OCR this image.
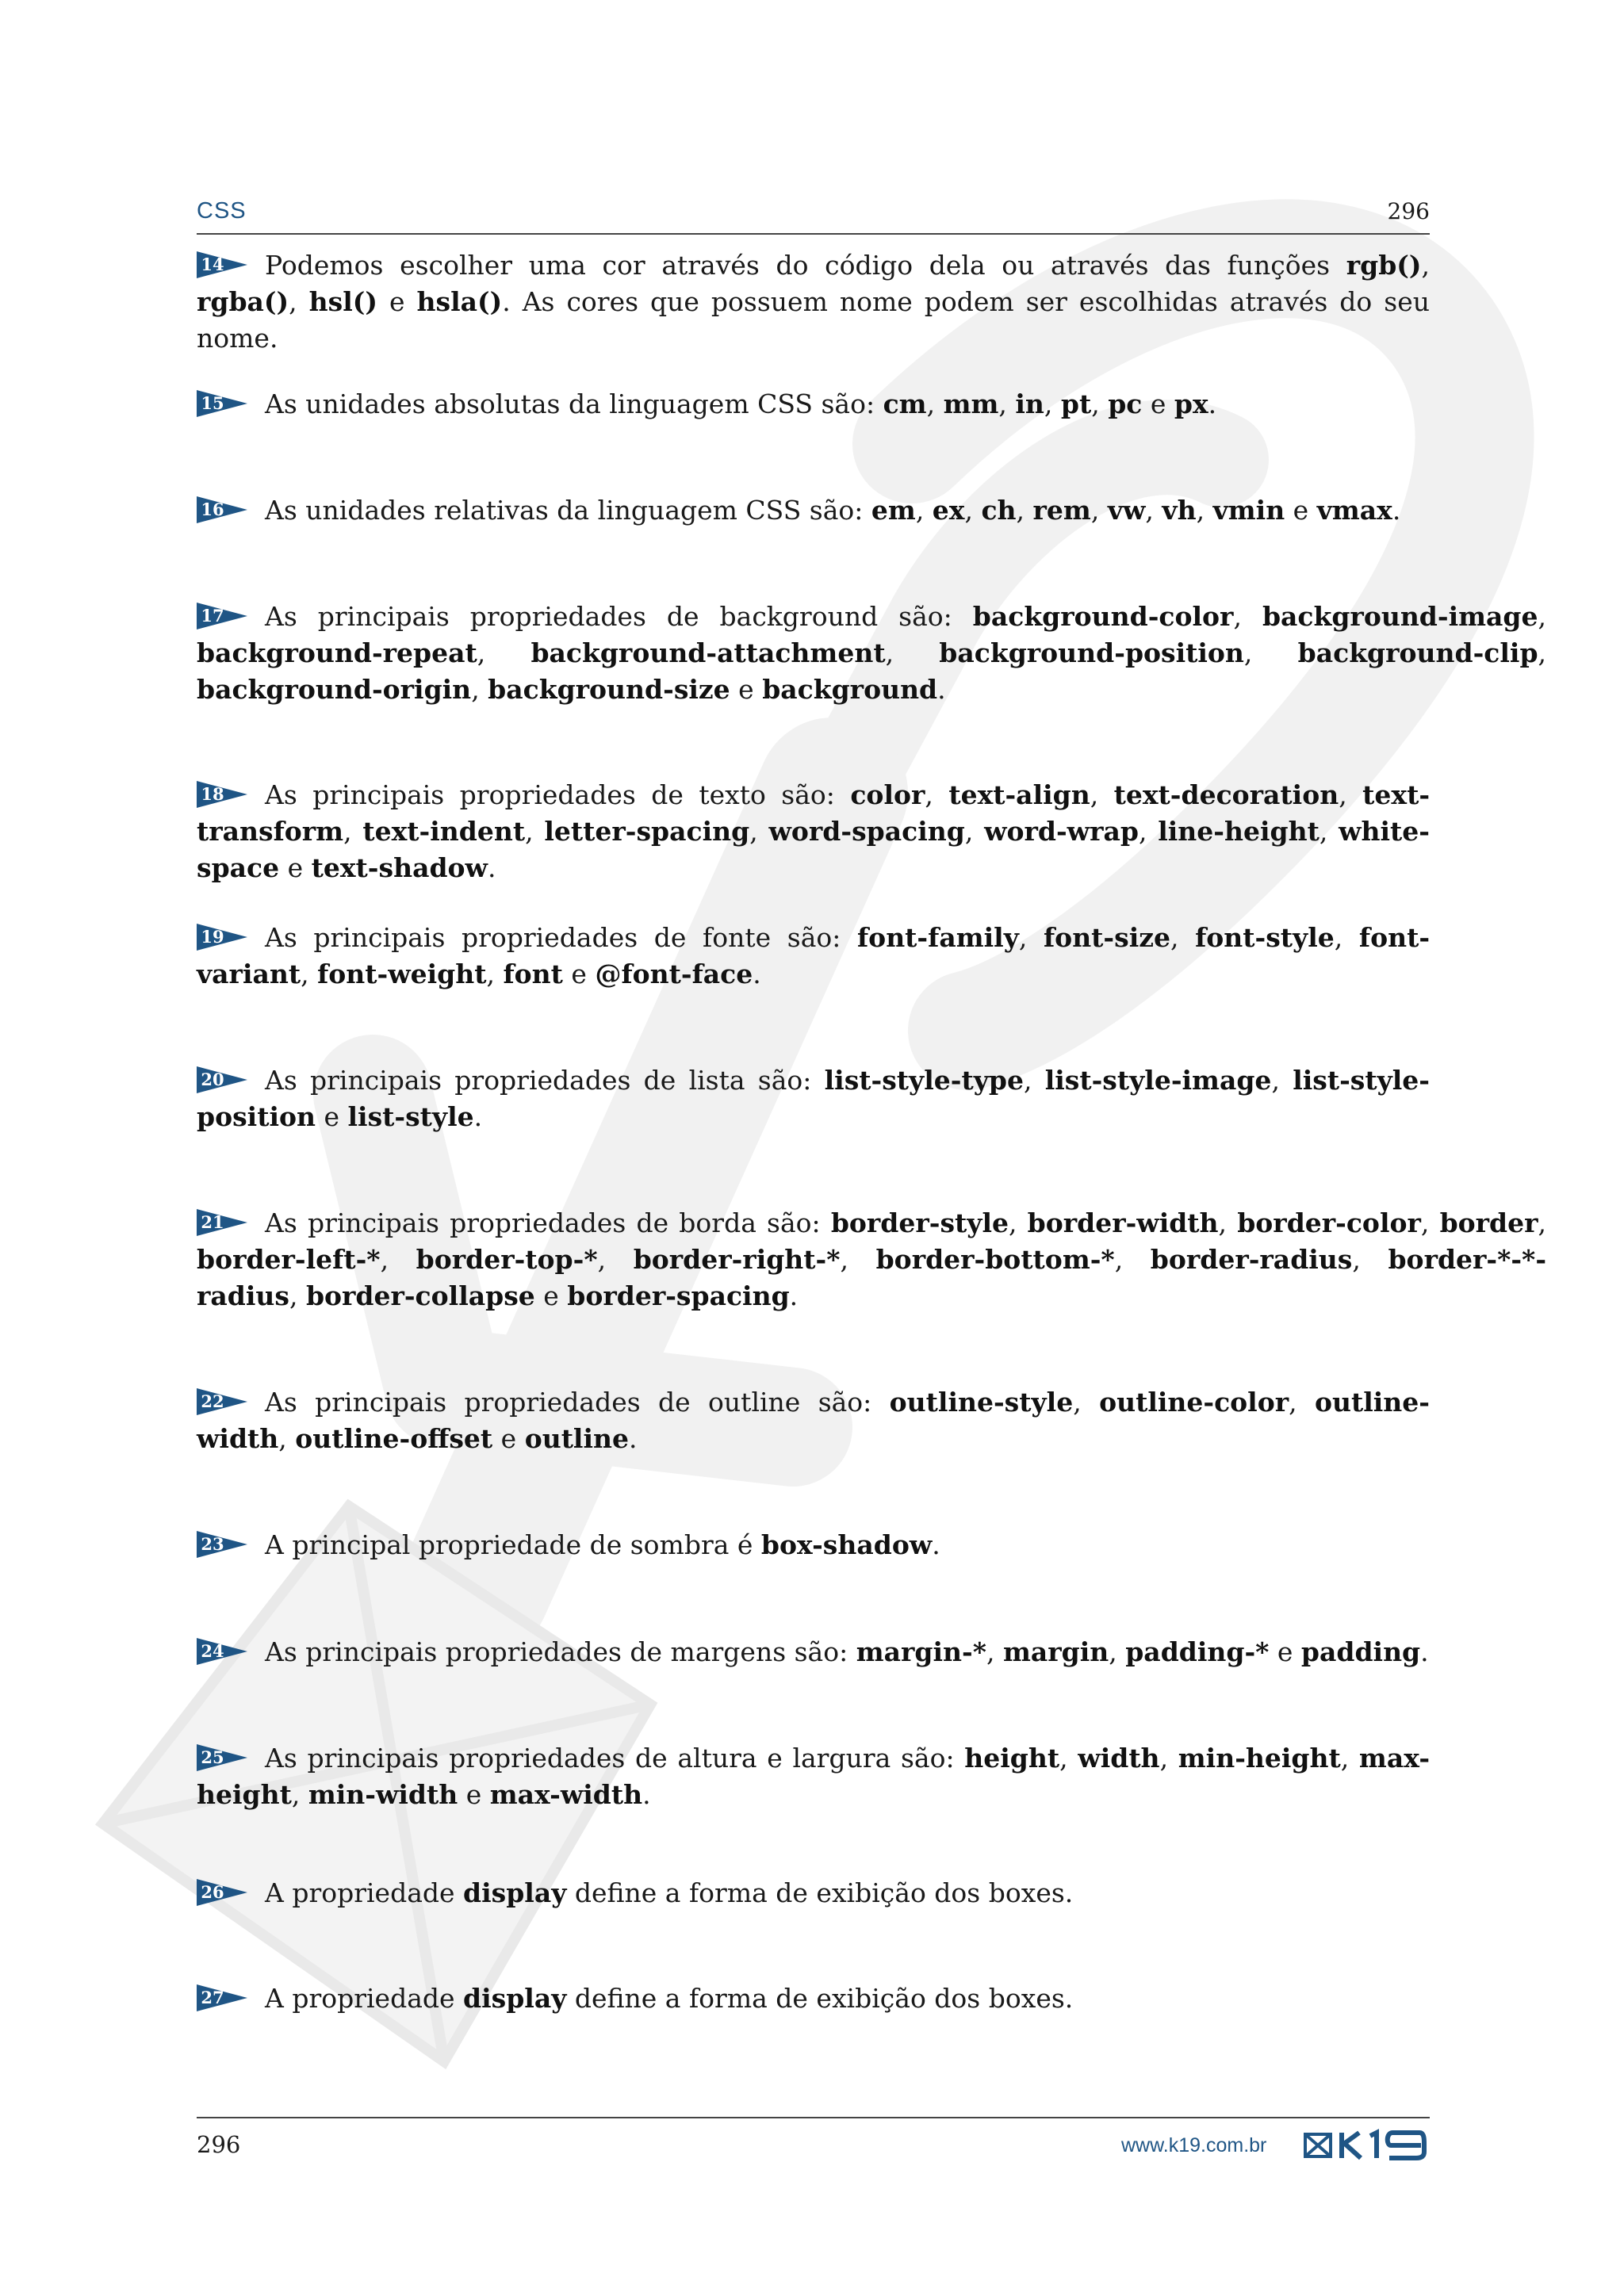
CSS	296
14 Podemos escolher uma cor através do código dela ou através das funções rgb(), rgba(), hsl() e hsla(). As cores que possuem nome podem ser escolhidas através do seu nome.
15 As unidades absolutas da linguagem CSS são: cm, mm, in, pt, pc e px.
16 As unidades relativas da linguagem CSS são: em, ex, ch, rem, vw, vh, vmin e vmax.
17 As principais propriedades de background são: background-color, background-image, background-repeat, background-attachment, background-position, background-clip, background-origin, background-size e background.
18 As principais propriedades de texto são: color, text-align, text-decoration, text-transform, text-indent, letter-spacing, word-spacing, word-wrap, line-height, white-space e text-shadow.
19 As principais propriedades de fonte são: font-family, font-size, font-style, font-variant, font-weight, font e @font-face.
20 As principais propriedades de lista são: list-style-type, list-style-image, list-style-position e list-style.
21 As principais propriedades de borda são: border-style, border-width, border-color, border, border-left-*, border-top-*, border-right-*, border-bottom-*, border-radius, border-*-*-radius, border-collapse e border-spacing.
22 As principais propriedades de outline são: outline-style, outline-color, outline-width, outline-offset e outline.
23 A principal propriedade de sombra é box-shadow.
24 As principais propriedades de margens são: margin-*, margin, padding-* e padding.
25 As principais propriedades de altura e largura são: height, width, min-height, max-height, min-width e max-width.
26 A propriedade display define a forma de exibição dos boxes.
27 A propriedade display define a forma de exibição dos boxes.
296	www.k19.com.br
